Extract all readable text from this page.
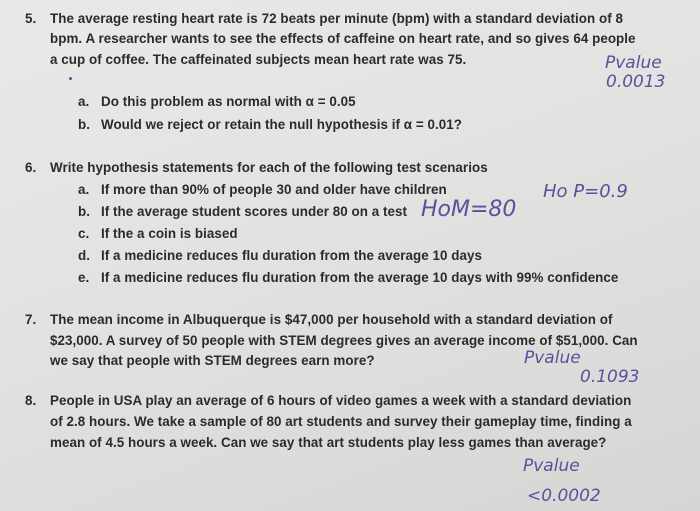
5. The average resting heart rate is 72 beats per minute (bpm) with a standard deviation of 8
bpm. A researcher wants to see the effects of caffeine on heart rate, and so gives 64 people
a cup of coffee. The caffeinated subjects mean heart rate was 75.
a. Do this problem as normal with α = 0.05
b. Would we reject or retain the null hypothesis if α = 0.01?
6. Write hypothesis statements for each of the following test scenarios
a. If more than 90% of people 30 and older have children
b. If the average student scores under 80 on a test
c. If the a coin is biased
d. If a medicine reduces flu duration from the average 10 days
e. If a medicine reduces flu duration from the average 10 days with 99% confidence
7. The mean income in Albuquerque is $47,000 per household with a standard deviation of
$23,000. A survey of 50 people with STEM degrees gives an average income of $51,000. Can
we say that people with STEM degrees earn more?
8. People in USA play an average of 6 hours of video games a week with a standard deviation
of 2.8 hours. We take a sample of 80 art students and survey their gameplay time, finding a
mean of 4.5 hours a week. Can we say that art students play less games than average?
Pvalue
0.0013
Ho P=0.9
HoM=80
Pvalue
0.1093
Pvalue
<0.0002
